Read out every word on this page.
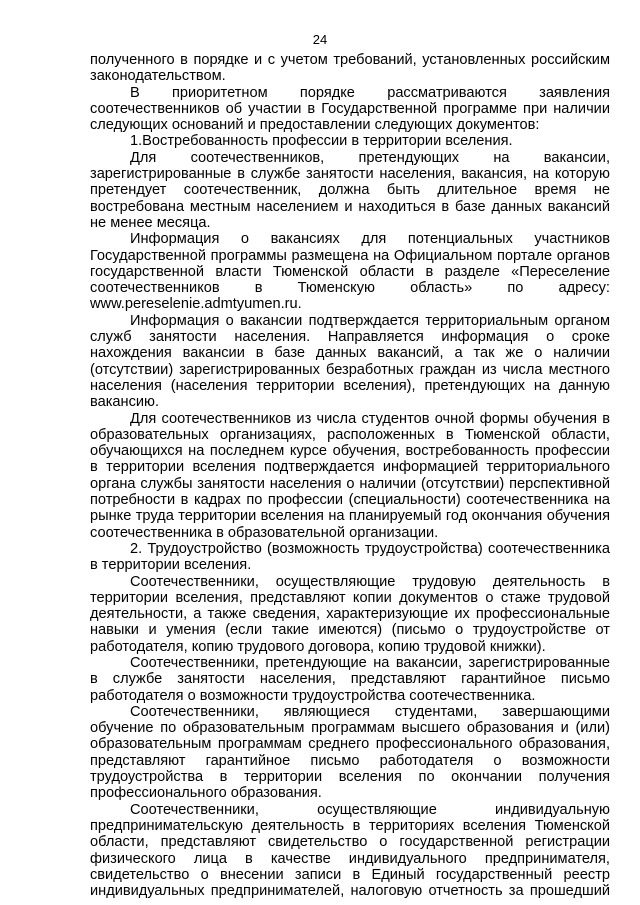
24

полученного в порядке и с учетом требований, установленных российским законодательством.

В приоритетном порядке рассматриваются заявления соотечественников об участии в Государственной программе при наличии следующих оснований и предоставлении следующих документов:

1.Востребованность профессии в территории вселения.

Для соотечественников, претендующих на вакансии, зарегистрированные в службе занятости населения, вакансия, на которую претендует соотечественник, должна быть длительное время не востребована местным населением и находиться в базе данных вакансий не менее месяца.

Информация о вакансиях для потенциальных участников Государственной программы размещена на Официальном портале органов государственной власти Тюменской области в разделе «Переселение соотечественников в Тюменскую область» по адресу: www.pereselenie.admtyumen.ru.

Информация о вакансии подтверждается территориальным органом служб занятости населения. Направляется информация о сроке нахождения вакансии в базе данных вакансий, а так же о наличии (отсутствии) зарегистрированных безработных граждан из числа местного населения (населения территории вселения), претендующих на данную вакансию.

Для соотечественников из числа студентов очной формы обучения в образовательных организациях, расположенных в Тюменской области, обучающихся на последнем курсе обучения, востребованность профессии в территории вселения подтверждается информацией территориального органа службы занятости населения о наличии (отсутствии) перспективной потребности в кадрах по профессии (специальности) соотечественника на рынке труда территории вселения на планируемый год окончания обучения соотечественника в образовательной организации.

2. Трудоустройство (возможность трудоустройства) соотечественника в территории вселения.

Соотечественники, осуществляющие трудовую деятельность в территории вселения, представляют копии документов о стаже трудовой деятельности, а также сведения, характеризующие их профессиональные навыки и умения (если такие имеются) (письмо о трудоустройстве от работодателя, копию трудового договора, копию трудовой книжки).

Соотечественники, претендующие на вакансии, зарегистрированные в службе занятости населения, представляют гарантийное письмо работодателя о возможности трудоустройства соотечественника.

Соотечественники, являющиеся студентами, завершающими обучение по образовательным программам высшего образования и (или) образовательным программам среднего профессионального образования, представляют гарантийное письмо работодателя о возможности трудоустройства в территории вселения по окончании получения профессионального образования.

Соотечественники, осуществляющие индивидуальную предпринимательскую деятельность в территориях вселения Тюменской области, представляют свидетельство о государственной регистрации физического лица в качестве индивидуального предпринимателя, свидетельство о внесении записи в Единый государственный реестр индивидуальных предпринимателей, налоговую отчетность за прошедший
